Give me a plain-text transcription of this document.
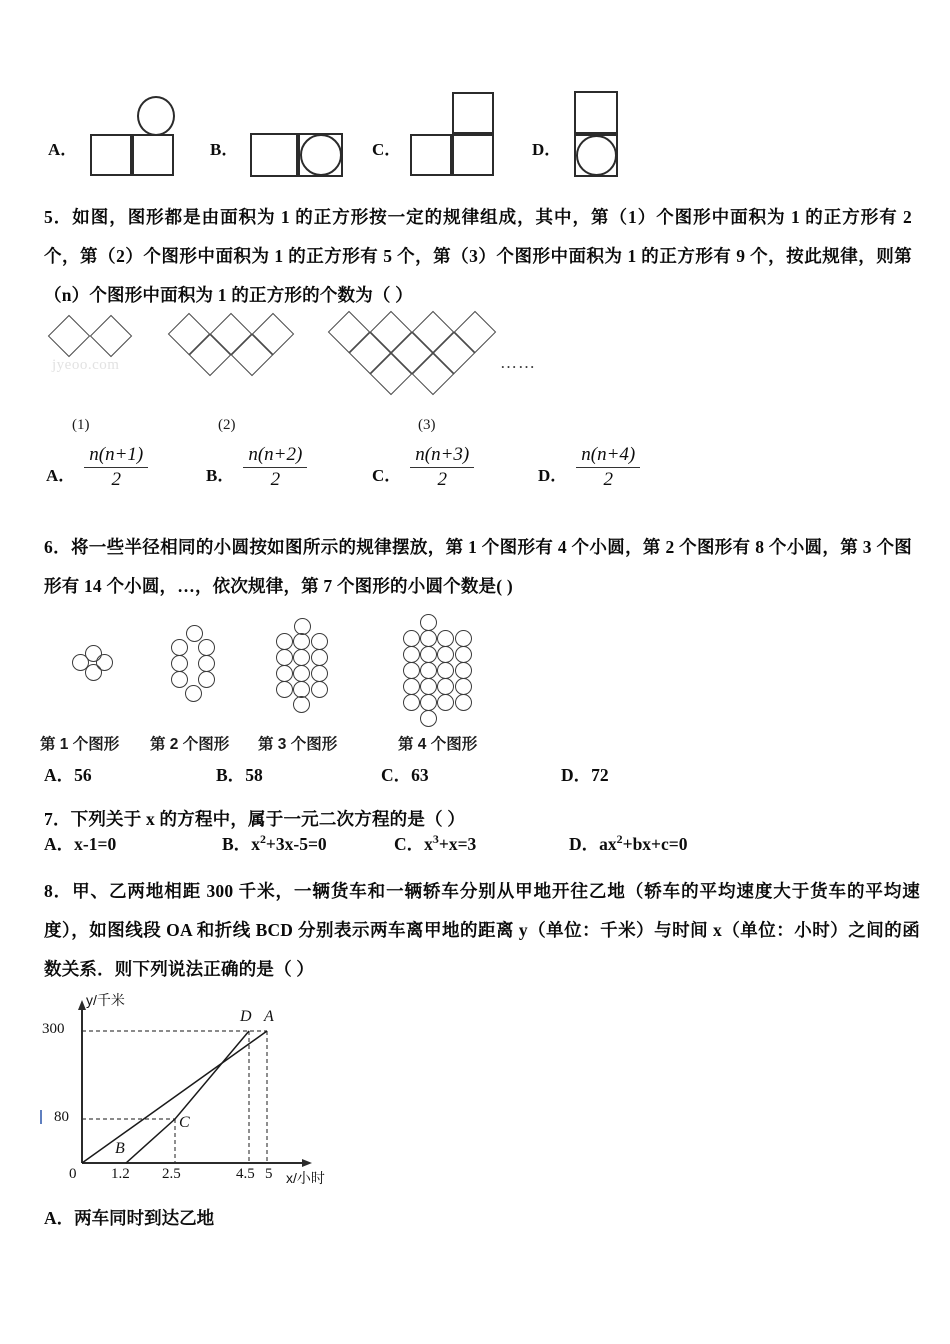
A．	B．	C．	D．
5．如图，图形都是由面积为 1 的正方形按一定的规律组成，其中，第（1）个图形中面积为 1 的正方形有 2 个，第（2）个图形中面积为 1 的正方形有 5 个，第（3）个图形中面积为 1 的正方形有 9 个，按此规律，则第（n）个图形中面积为 1 的正方形的个数为（ ）
jyeoo.com
(1)	(2)	(3)
……
A． $\frac{n(n+1)}{2}$	B． $\frac{n(n+2)}{2}$	C． $\frac{n(n+3)}{2}$	D． $\frac{n(n+4)}{2}$
6．将一些半径相同的小圆按如图所示的规律摆放，第 1 个图形有 4 个小圆，第 2 个图形有 8 个小圆，第 3 个图形有 14 个小圆，…，依次规律，第 7 个图形的小圆个数是( )
第 1 个图形 第 2 个图形 第 3 个图形	第 4 个图形
A．56	B．58	C．63	D．72
7．下列关于 x 的方程中，属于一元二次方程的是（ ）
A．x‑1=0	B．$x^2+3x‑5=0$	C．$x^3+x=3$	D．$ax^2+bx+c=0$
8．甲、乙两地相距 300 千米，一辆货车和一辆轿车分别从甲地开往乙地（轿车的平均速度大于货车的平均速度），如图线段 OA 和折线 BCD 分别表示两车离甲地的距离 y（单位：千米）与时间 x（单位：小时）之间的函数关系．则下列说法正确的是（ ）
300
80
0 1.2 2.5	4.5 5 x/小时
y/千米
D A
C
B
A． 两车同时到达乙地
